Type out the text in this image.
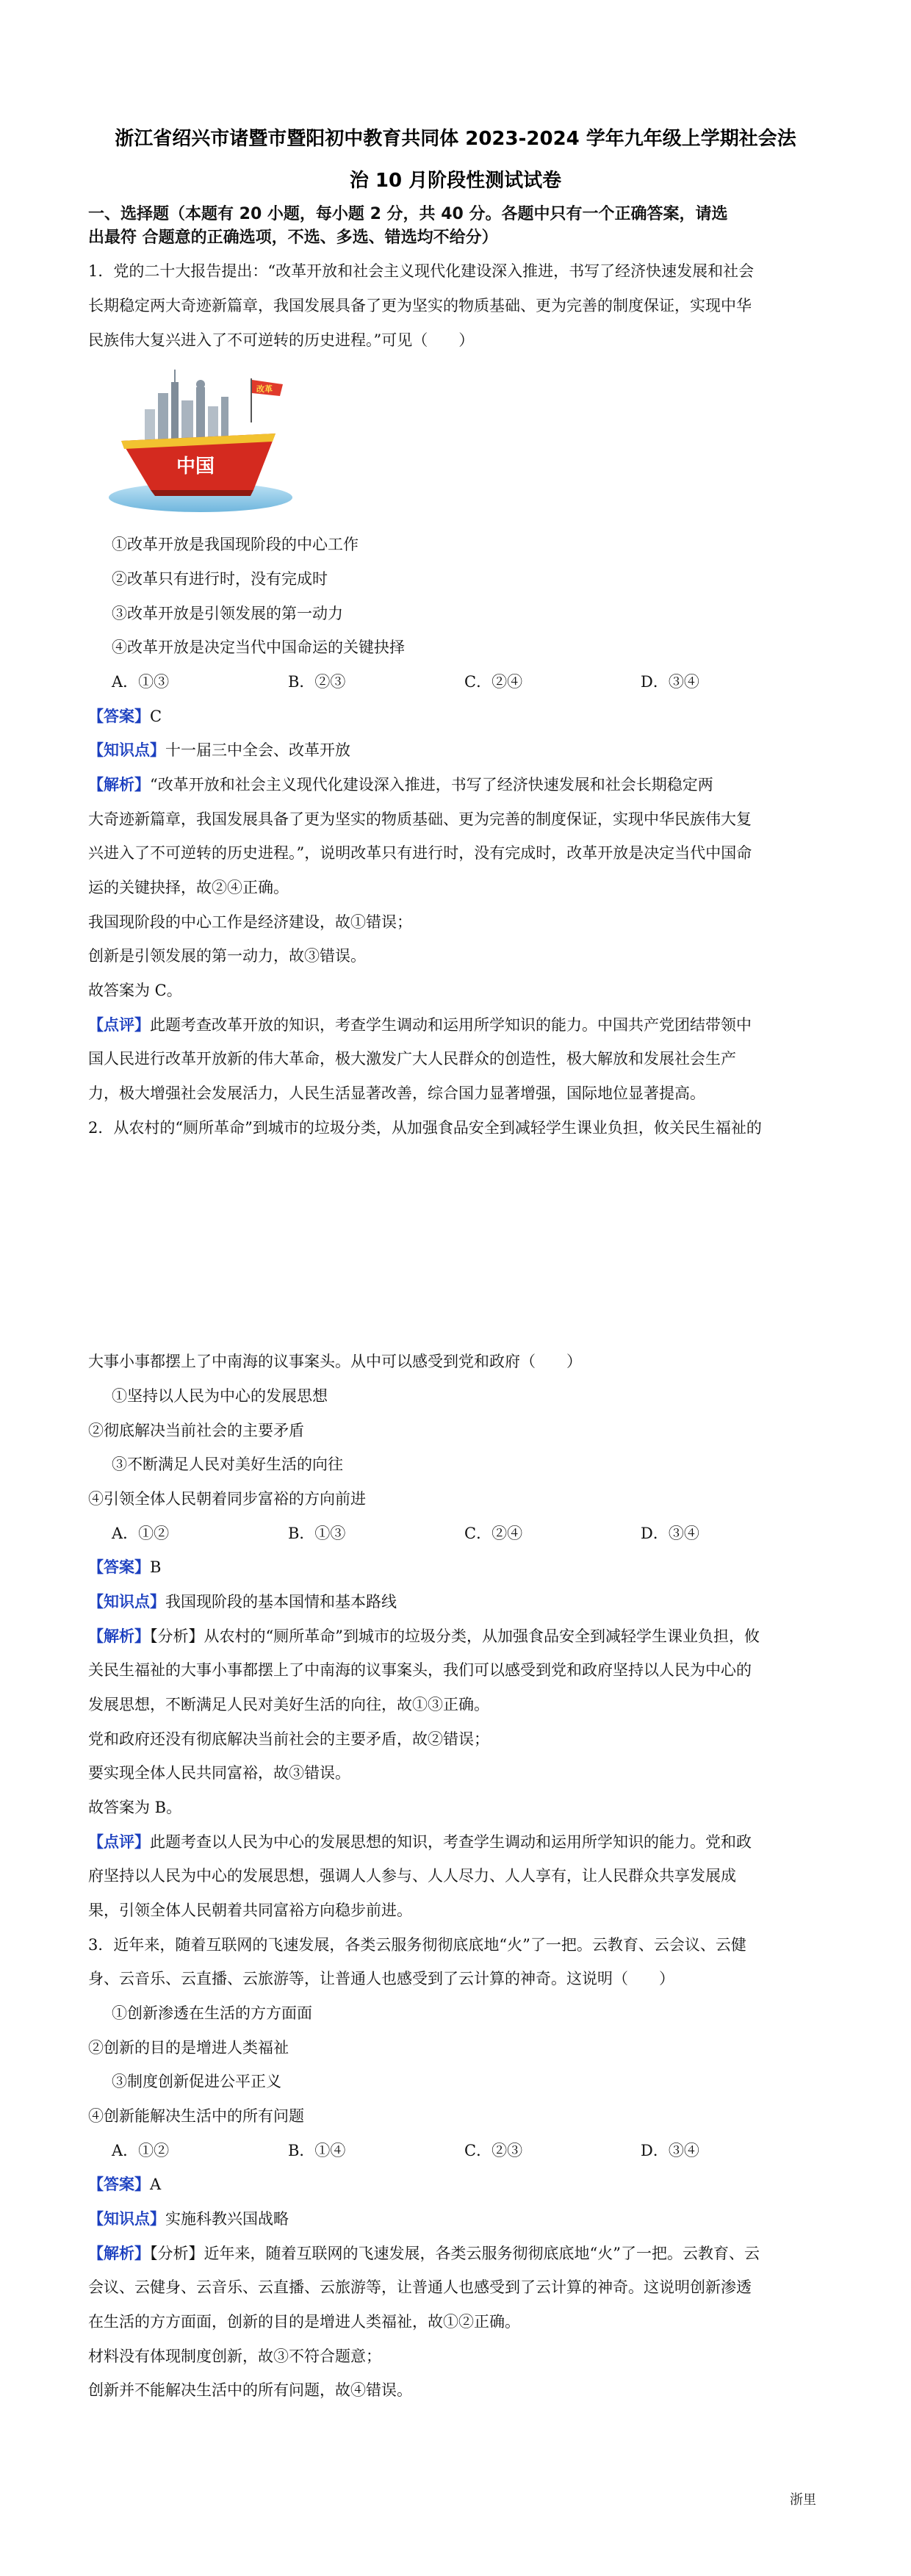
浙江省绍兴市诸暨市暨阳初中教育共同体 2023-2024 学年九年级上学期社会法
治 10 月阶段性测试试卷
一、选择题（本题有 20 小题，每小题 2 分，共 40 分。各题中只有一个正确答案，请选
出最符 合题意的正确选项，不选、多选、错选均不给分）
1．党的二十大报告提出：“改革开放和社会主义现代化建设深入推进，书写了经济快速发展和社会
长期稳定两大奇迹新篇章，我国发展具备了更为坚实的物质基础、更为完善的制度保证，实现中华
民族伟大复兴进入了不可逆转的历史进程。”可见（　　）
中国
改革
①改革开放是我国现阶段的中心工作
②改革只有进行时，没有完成时
③改革开放是引领发展的第一动力
④改革开放是决定当代中国命运的关键抉择
A．①③	B．②③	C．②④	D．③④
【答案】C
【知识点】十一届三中全会、改革开放
【解析】“改革开放和社会主义现代化建设深入推进，书写了经济快速发展和社会长期稳定两
大奇迹新篇章，我国发展具备了更为坚实的物质基础、更为完善的制度保证，实现中华民族伟大复
兴进入了不可逆转的历史进程。”，说明改革只有进行时，没有完成时，改革开放是决定当代中国命
运的关键抉择，故②④正确。
我国现阶段的中心工作是经济建设，故①错误；
创新是引领发展的第一动力，故③错误。
故答案为 C。
【点评】此题考查改革开放的知识，考查学生调动和运用所学知识的能力。中国共产党团结带领中
国人民进行改革开放新的伟大革命，极大激发广大人民群众的创造性，极大解放和发展社会生产
力，极大增强社会发展活力，人民生活显著改善，综合国力显著增强，国际地位显著提高。
2．从农村的“厕所革命”到城市的垃圾分类，从加强食品安全到减轻学生课业负担，攸关民生福祉的
大事小事都摆上了中南海的议事案头。从中可以感受到党和政府（　　）
①坚持以人民为中心的发展思想
②彻底解决当前社会的主要矛盾
③不断满足人民对美好生活的向往
④引领全体人民朝着同步富裕的方向前进
A．①②	B．①③	C．②④	D．③④
【答案】B
【知识点】我国现阶段的基本国情和基本路线
【解析】【分析】从农村的“厕所革命”到城市的垃圾分类，从加强食品安全到减轻学生课业负担，攸
关民生福祉的大事小事都摆上了中南海的议事案头，我们可以感受到党和政府坚持以人民为中心的
发展思想，不断满足人民对美好生活的向往，故①③正确。
党和政府还没有彻底解决当前社会的主要矛盾，故②错误；
要实现全体人民共同富裕，故③错误。
故答案为 B。
【点评】此题考查以人民为中心的发展思想的知识，考查学生调动和运用所学知识的能力。党和政
府坚持以人民为中心的发展思想，强调人人参与、人人尽力、人人享有，让人民群众共享发展成
果，引领全体人民朝着共同富裕方向稳步前进。
3．近年来，随着互联网的飞速发展，各类云服务彻彻底底地“火”了一把。云教育、云会议、云健
身、云音乐、云直播、云旅游等，让普通人也感受到了云计算的神奇。这说明（　　）
①创新渗透在生活的方方面面
②创新的目的是增进人类福祉
③制度创新促进公平正义
④创新能解决生活中的所有问题
A．①②	B．①④	C．②③	D．③④
【答案】A
【知识点】实施科教兴国战略
【解析】【分析】近年来，随着互联网的飞速发展，各类云服务彻彻底底地“火”了一把。云教育、云
会议、云健身、云音乐、云直播、云旅游等，让普通人也感受到了云计算的神奇。这说明创新渗透
在生活的方方面面，创新的目的是增进人类福祉，故①②正确。
材料没有体现制度创新，故③不符合题意；
创新并不能解决生活中的所有问题，故④错误。
浙里
